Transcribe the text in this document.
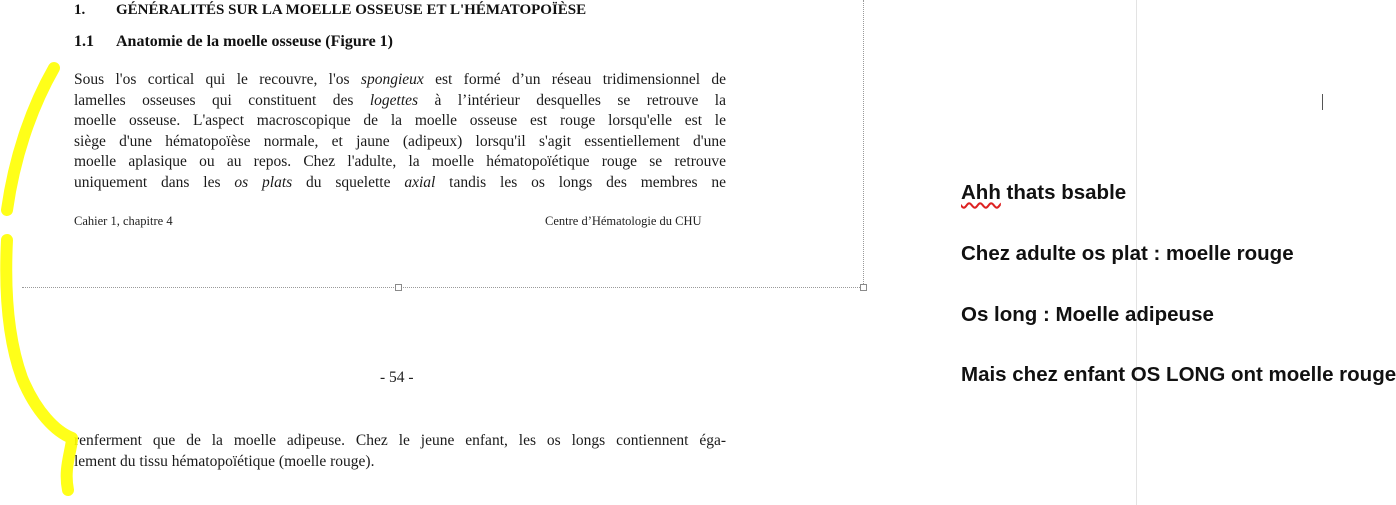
1. GÉNÉRALITÉS SUR LA MOELLE OSSEUSE ET L'HÉMATOPOÏÈSE
1.1 Anatomie de la moelle osseuse (Figure 1)
Sous l'os cortical qui le recouvre, l'os spongieux est formé d’un réseau tridimensionnel de
lamelles osseuses qui constituent des logettes à l’intérieur desquelles se retrouve la
moelle osseuse. L'aspect macroscopique de la moelle osseuse est rouge lorsqu'elle est le
siège d'une hématopoïèse normale, et jaune (adipeux) lorsqu'il s'agit essentiellement d'une
moelle aplasique ou au repos. Chez l'adulte, la moelle hématopoïétique rouge se retrouve
uniquement dans les os plats du squelette axial tandis les os longs des membres ne
Cahier 1, chapitre 4	Centre d’Hématologie du CHU
- 54 -
renferment que de la moelle adipeuse. Chez le jeune enfant, les os longs contiennent éga-
lement du tissu hématopoïétique (moelle rouge).
Ahh thats bsable
Chez adulte os plat : moelle rouge
Os long : Moelle adipeuse
Mais chez enfant OS LONG ont moelle rouge
